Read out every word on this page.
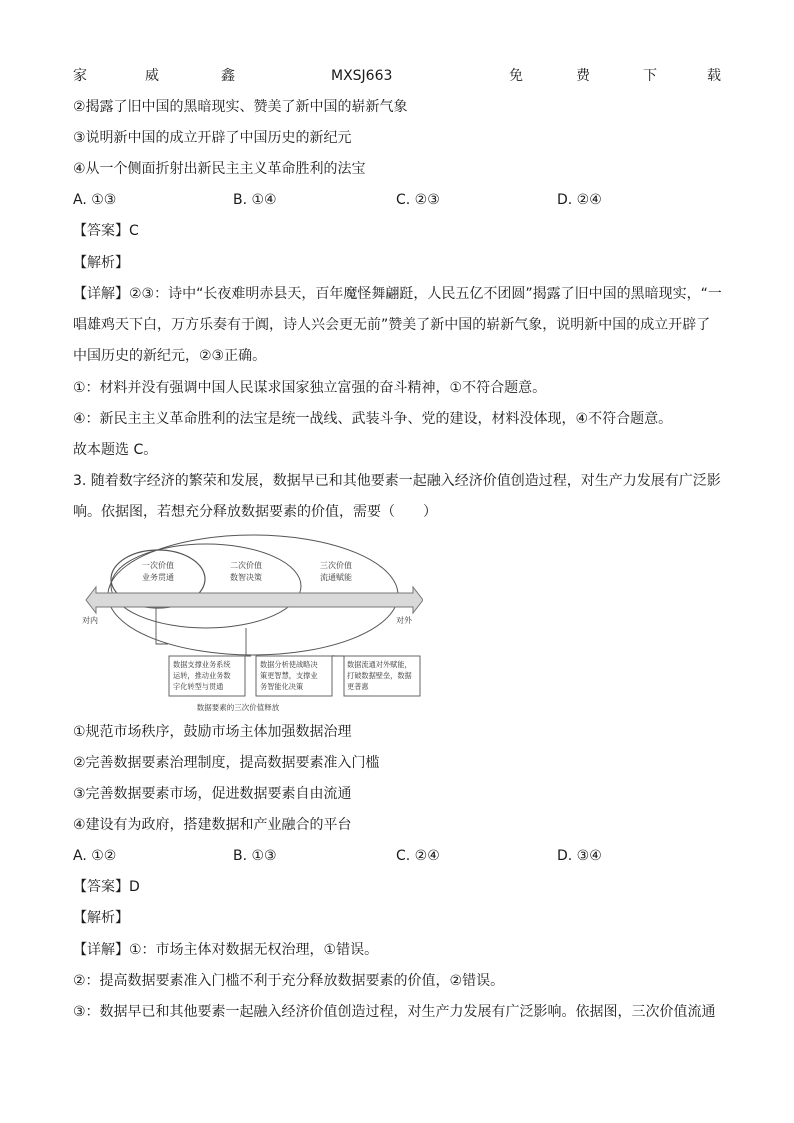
家	威	鑫	MXSJ663	免	费	下	载
②揭露了旧中国的黑暗现实、赞美了新中国的崭新气象
③说明新中国的成立开辟了中国历史的新纪元
④从一个侧面折射出新民主主义革命胜利的法宝
A. ①③	B. ①④	C. ②③	D. ②④
【答案】C
【解析】
【详解】②③：诗中“长夜难明赤县天，百年魔怪舞翩跹，人民五亿不团圆”揭露了旧中国的黑暗现实，“一
唱雄鸡天下白，万方乐奏有于阗，诗人兴会更无前”赞美了新中国的崭新气象，说明新中国的成立开辟了
中国历史的新纪元，②③正确。
①：材料并没有强调中国人民谋求国家独立富强的奋斗精神，①不符合题意。
④：新民主主义革命胜利的法宝是统一战线、武装斗争、党的建设，材料没体现，④不符合题意。
故本题选 C。
3. 随着数字经济的繁荣和发展，数据早已和其他要素一起融入经济价值创造过程，对生产力发展有广泛影
响。依据图，若想充分释放数据要素的价值，需要（　　）
一次价值
业务贯通
二次价值
数智决策
三次价值
流通赋能
对内	对外
数据支撑业务系统
运转，推动业务数
字化转型与贯通
数据分析使战略决
策更智慧，支撑业
务智能化决策
数据流通对外赋能，
打破数据壁垒，数据
更普惠
数据要素的三次价值释放
①规范市场秩序，鼓励市场主体加强数据治理
②完善数据要素治理制度，提高数据要素准入门槛
③完善数据要素市场，促进数据要素自由流通
④建设有为政府，搭建数据和产业融合的平台
A. ①②	B. ①③	C. ②④	D. ③④
【答案】D
【解析】
【详解】①：市场主体对数据无权治理，①错误。
②：提高数据要素准入门槛不利于充分释放数据要素的价值，②错误。
③：数据早已和其他要素一起融入经济价值创造过程，对生产力发展有广泛影响。依据图，三次价值流通
